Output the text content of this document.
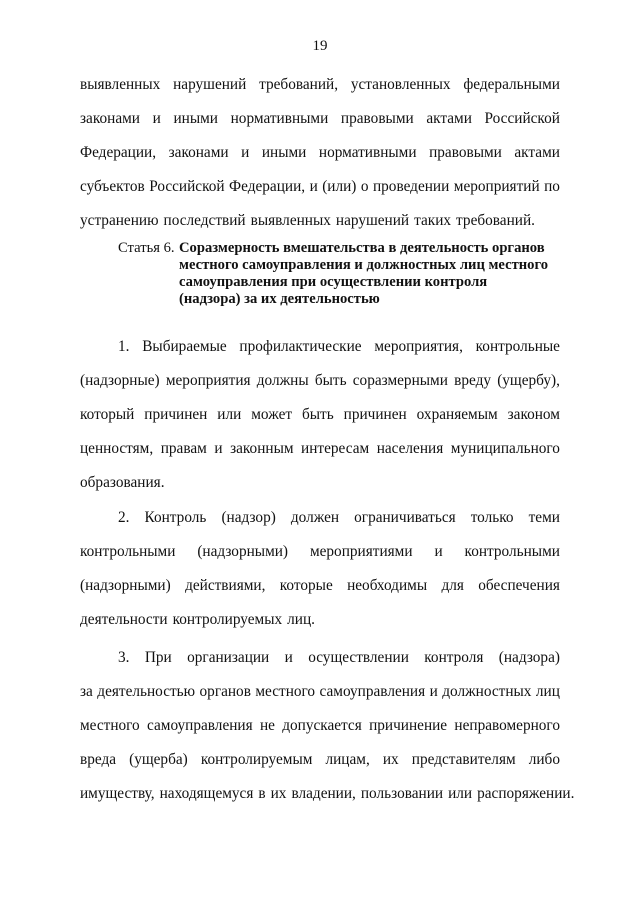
19
выявленных нарушений требований, установленных федеральными
законами и иными нормативными правовыми актами Российской
Федерации, законами и иными нормативными правовыми актами
субъектов Российской Федерации, и (или) о проведении мероприятий по
устранению последствий выявленных нарушений таких требований.
Статья 6. Соразмерность вмешательства в деятельность органов
местного самоуправления и должностных лиц местного
самоуправления при осуществлении контроля
(надзора) за их деятельностью
1. Выбираемые профилактические мероприятия, контрольные
(надзорные) мероприятия должны быть соразмерными вреду (ущербу),
который причинен или может быть причинен охраняемым законом
ценностям, правам и законным интересам населения муниципального
образования.
2. Контроль (надзор) должен ограничиваться только теми
контрольными (надзорными) мероприятиями и контрольными
(надзорными) действиями, которые необходимы для обеспечения
деятельности контролируемых лиц.
3. При организации и осуществлении контроля (надзора)
за деятельностью органов местного самоуправления и должностных лиц
местного самоуправления не допускается причинение неправомерного
вреда (ущерба) контролируемым лицам, их представителям либо
имуществу, находящемуся в их владении, пользовании или распоряжении.
